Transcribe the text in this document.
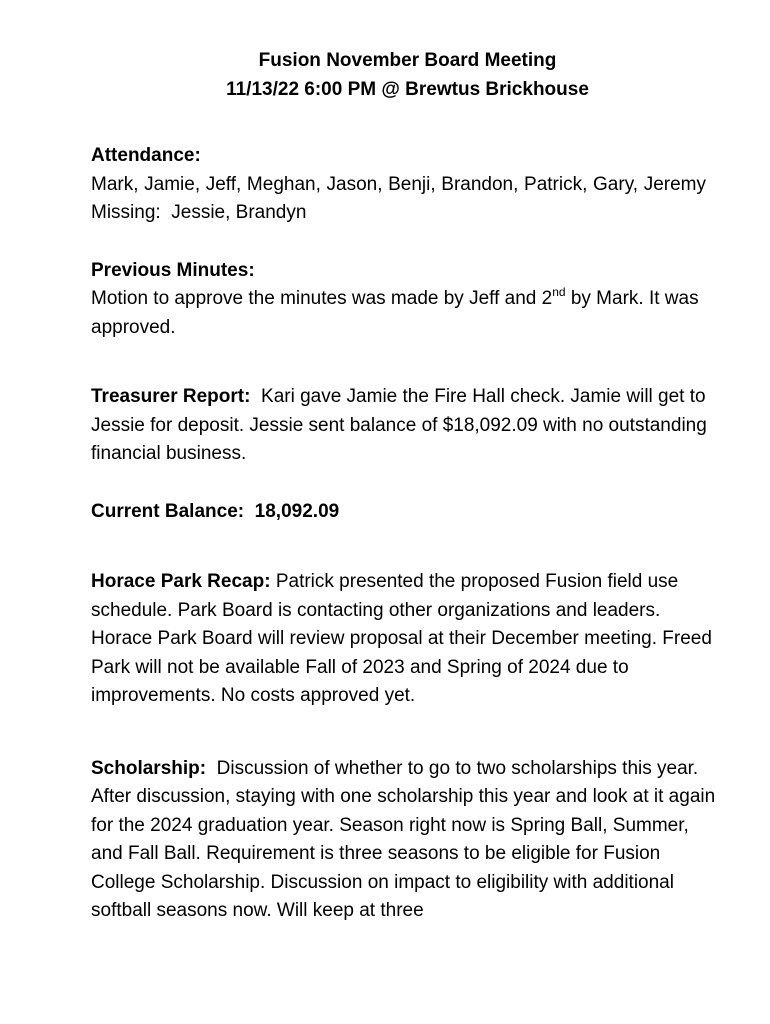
Fusion November Board Meeting

11/13/22 6:00 PM @ Brewtus Brickhouse

Attendance:
Mark, Jamie, Jeff, Meghan, Jason, Benji, Brandon, Patrick, Gary, JeremyMissing: Jessie, Brandyn
Previous Minutes:
Motion to approve the minutes was made by Jeff and 2nd by Mark. It was approved.
Treasurer Report: Kari gave Jamie the Fire Hall check. Jamie will get to Jessie for deposit. Jessie sent balance of $18,092.09 with no outstanding financial business.
Current Balance: 18,092.09
Horace Park Recap: Patrick presented the proposed Fusion field use schedule. Park Board is contacting other organizations and leaders. Horace Park Board will review proposal at their December meeting. Freed Park will not be available Fall of 2023 and Spring of 2024 due to improvements. No costs approved yet.
Scholarship: Discussion of whether to go to two scholarships this year. After discussion, staying with one scholarship this year and look at it again for the 2024 graduation year. Season right now is Spring Ball, Summer, and Fall Ball. Requirement is three seasons to be eligible for Fusion College Scholarship. Discussion on impact to eligibility with additional softball seasons now. Will keep at three
